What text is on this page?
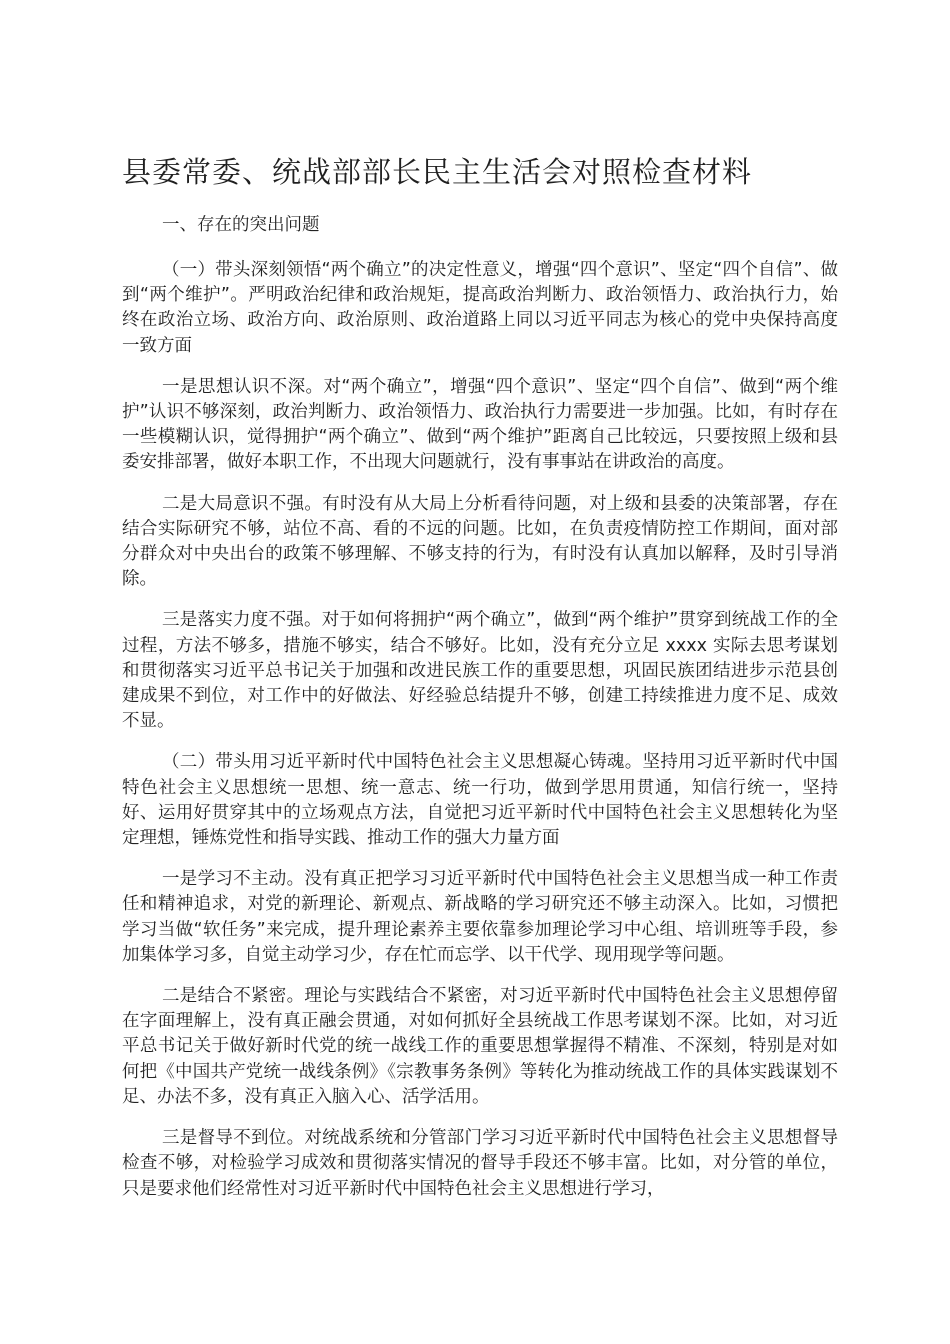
县委常委、统战部部长民主生活会对照检查材料
一、存在的突出问题

（一）带头深刻领悟“两个确立”的决定性意义，增强“四个意识”、坚定“四个自信”、做到“两个维护”。严明政治纪律和政治规矩，提高政治判断力、政治领悟力、政治执行力，始终在政治立场、政治方向、政治原则、政治道路上同以习近平同志为核心的党中央保持高度一致方面

一是思想认识不深。对“两个确立”，增强“四个意识”、坚定“四个自信”、做到“两个维护”认识不够深刻，政治判断力、政治领悟力、政治执行力需要进一步加强。比如，有时存在一些模糊认识，觉得拥护“两个确立”、做到“两个维护”距离自己比较远，只要按照上级和县委安排部署，做好本职工作，不出现大问题就行，没有事事站在讲政治的高度。

二是大局意识不强。有时没有从大局上分析看待问题，对上级和县委的决策部署，存在结合实际研究不够，站位不高、看的不远的问题。比如，在负责疫情防控工作期间，面对部分群众对中央出台的政策不够理解、不够支持的行为，有时没有认真加以解释，及时引导消除。

三是落实力度不强。对于如何将拥护“两个确立”，做到“两个维护”贯穿到统战工作的全过程，方法不够多，措施不够实，结合不够好。比如，没有充分立足 xxxx 实际去思考谋划和贯彻落实习近平总书记关于加强和改进民族工作的重要思想，巩固民族团结进步示范县创建成果不到位，对工作中的好做法、好经验总结提升不够，创建工持续推进力度不足、成效不显。

（二）带头用习近平新时代中国特色社会主义思想凝心铸魂。坚持用习近平新时代中国特色社会主义思想统一思想、统一意志、统一行功，做到学思用贯通，知信行统一，坚持好、运用好贯穿其中的立场观点方法，自觉把习近平新时代中国特色社会主义思想转化为坚定理想，锤炼党性和指导实践、推动工作的强大力量方面

一是学习不主动。没有真正把学习习近平新时代中国特色社会主义思想当成一种工作责任和精神追求，对党的新理论、新观点、新战略的学习研究还不够主动深入。比如，习惯把学习当做“软任务”来完成，提升理论素养主要依靠参加理论学习中心组、培训班等手段，参加集体学习多，自觉主动学习少，存在忙而忘学、以干代学、现用现学等问题。

二是结合不紧密。理论与实践结合不紧密，对习近平新时代中国特色社会主义思想停留在字面理解上，没有真正融会贯通，对如何抓好全县统战工作思考谋划不深。比如，对习近平总书记关于做好新时代党的统一战线工作的重要思想掌握得不精准、不深刻，特别是对如何把《中国共产党统一战线条例》《宗教事务条例》等转化为推动统战工作的具体实践谋划不足、办法不多，没有真正入脑入心、活学活用。

三是督导不到位。对统战系统和分管部门学习习近平新时代中国特色社会主义思想督导检查不够，对检验学习成效和贯彻落实情况的督导手段还不够丰富。比如，对分管的单位，只是要求他们经常性对习近平新时代中国特色社会主义思想进行学习，
